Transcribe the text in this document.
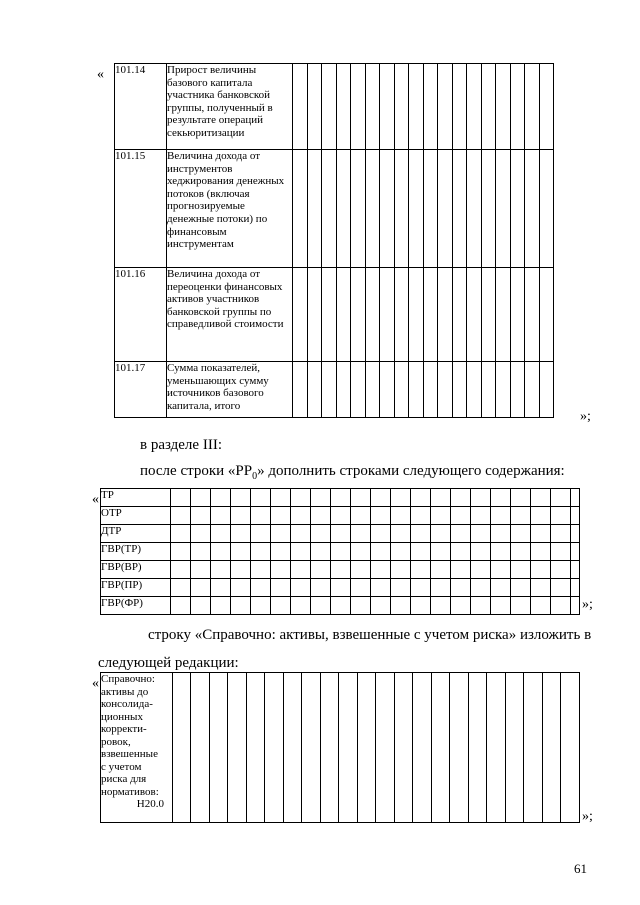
« 101.14	Прирост величины базового капитала участника банковской группы, полученный в результате операций секьюритизации																		
101.15	Величина дохода от инструментов хеджирования денежных потоков (включая прогнозируемые денежные потоки) по финансовым инструментам																		
101.16	Величина дохода от переоценки финансовых активов участников банковской группы по справедливой стоимости																		
101.17	Сумма показателей, уменьшающих сумму источников базового капитала, итого																		
»;
в разделе III:
после строки «$РР_0$» дополнить строками следующего содержания:
« ТР																					
ОТР																					
ДТР																					
ГВР(ТР)																					
ГВР(ВР)																					
ГВР(ПР)																					
ГВР(ФР)																						»;
строку «Справочно: активы, взвешенные с учетом риска» изложить в
следующей редакции:
« Справочно:
активы до
консолида-
ционных
корректи-
ровок,
взвешенные
с учетом
риска для
нормативов:
Н20.0

»;
61
